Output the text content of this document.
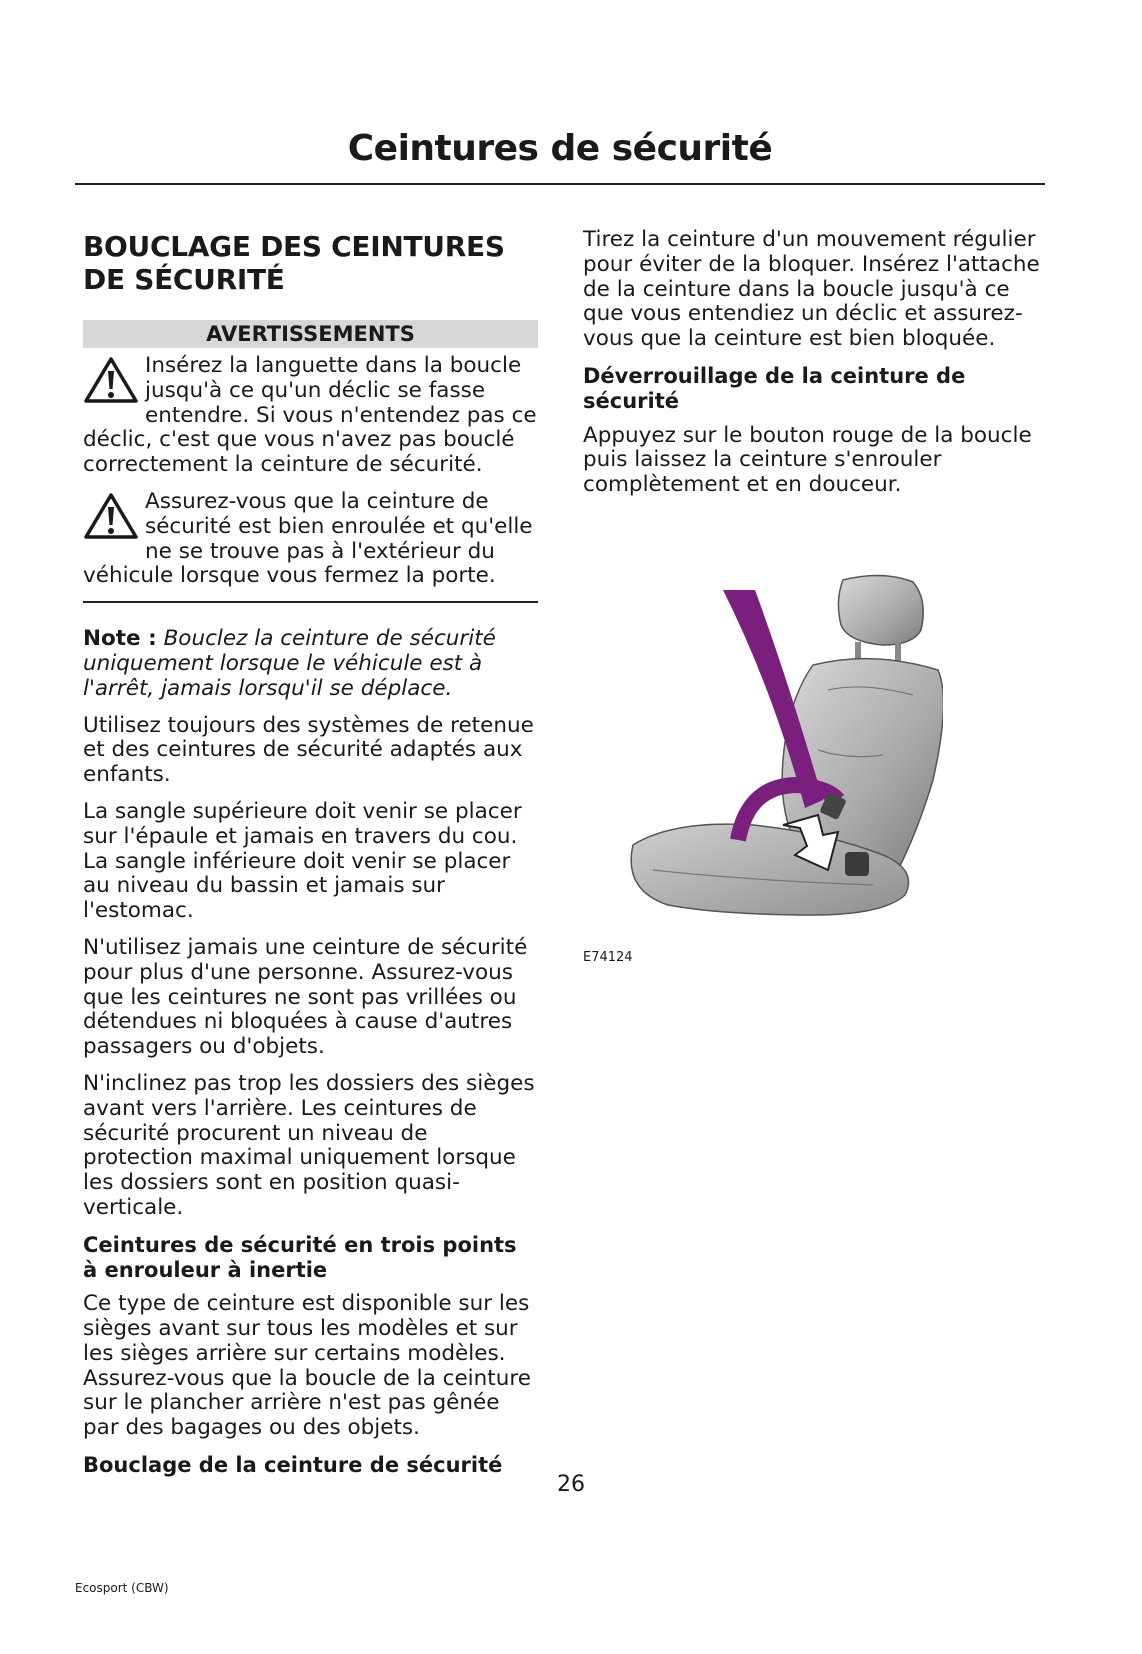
Ceintures de sécurité
BOUCLAGE DES CEINTURES DE SÉCURITÉ
AVERTISSEMENTS
Insérez la languette dans la boucle jusqu'à ce qu'un déclic se fasse entendre. Si vous n'entendez pas ce déclic, c'est que vous n'avez pas bouclé correctement la ceinture de sécurité.
Assurez-vous que la ceinture de sécurité est bien enroulée et qu'elle ne se trouve pas à l'extérieur du véhicule lorsque vous fermez la porte.

Note : Bouclez la ceinture de sécurité uniquement lorsque le véhicule est à l'arrêt, jamais lorsqu'il se déplace.

Utilisez toujours des systèmes de retenue et des ceintures de sécurité adaptés aux enfants.

La sangle supérieure doit venir se placer sur l'épaule et jamais en travers du cou. La sangle inférieure doit venir se placer au niveau du bassin et jamais sur l'estomac.

N'utilisez jamais une ceinture de sécurité pour plus d'une personne. Assurez-vous que les ceintures ne sont pas vrillées ou détendues ni bloquées à cause d'autres passagers ou d'objets.

N'inclinez pas trop les dossiers des sièges avant vers l'arrière. Les ceintures de sécurité procurent un niveau de protection maximal uniquement lorsque les dossiers sont en position quasi-verticale.

Ceintures de sécurité en trois points à enrouleur à inertie

Ce type de ceinture est disponible sur les sièges avant sur tous les modèles et sur les sièges arrière sur certains modèles. Assurez-vous que la boucle de la ceinture sur le plancher arrière n'est pas gênée par des bagages ou des objets.

Bouclage de la ceinture de sécurité

Tirez la ceinture d'un mouvement régulier pour éviter de la bloquer. Insérez l'attache de la ceinture dans la boucle jusqu'à ce que vous entendiez un déclic et assurez-vous que la ceinture est bien bloquée.

Déverrouillage de la ceinture de sécurité

Appuyez sur le bouton rouge de la boucle puis laissez la ceinture s'enrouler complètement et en douceur.

E74124
26
Ecosport (CBW)
